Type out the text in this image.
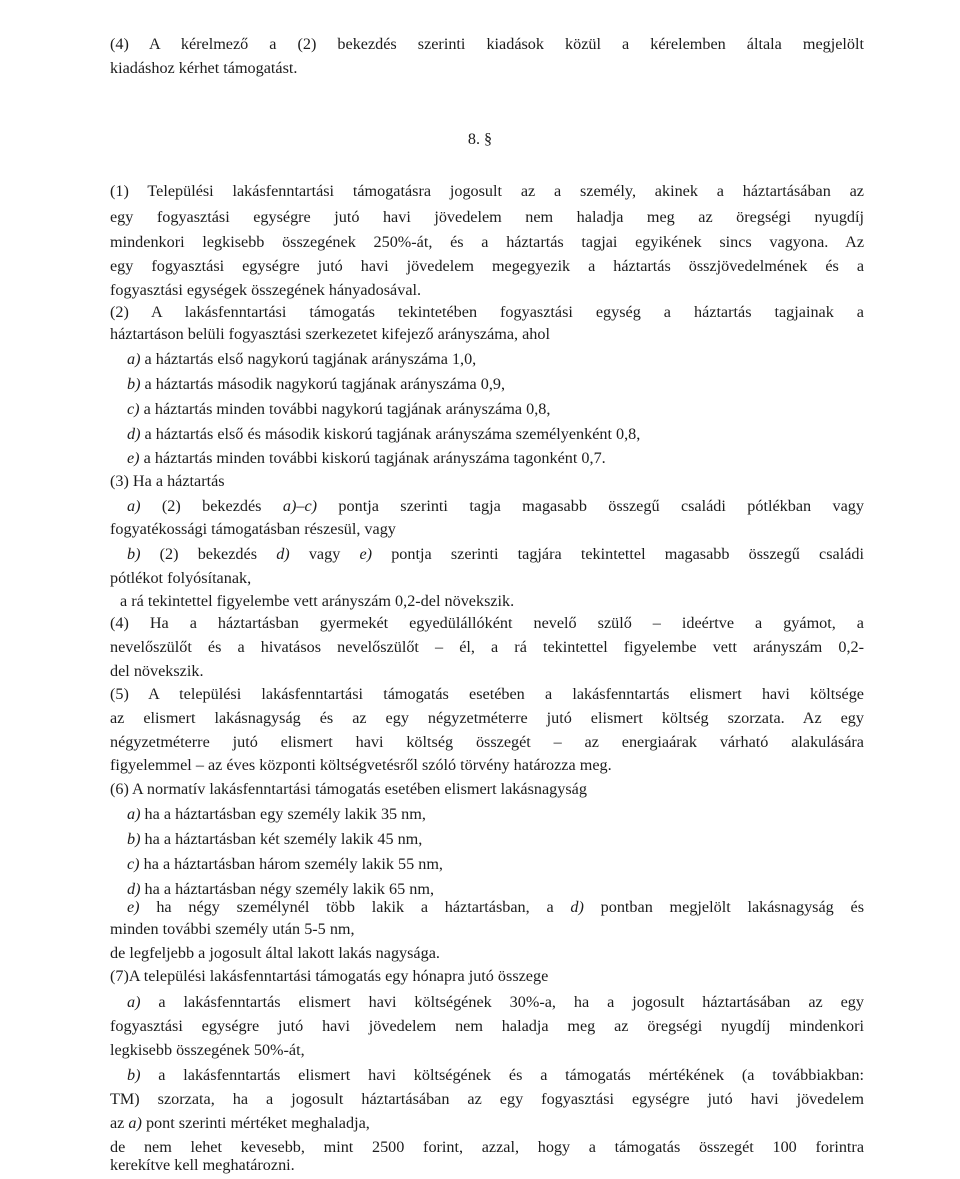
(4) A kérelmező a (2) bekezdés szerinti kiadások közül a kérelemben általa megjelölt
kiadáshoz kérhet támogatást.
8. §
(1) Települési lakásfenntartási támogatásra jogosult az a személy, akinek a háztartásában az
egy fogyasztási egységre jutó havi jövedelem nem haladja meg az öregségi nyugdíj
mindenkori legkisebb összegének 250%-át, és a háztartás tagjai egyikének sincs vagyona. Az
egy fogyasztási egységre jutó havi jövedelem megegyezik a háztartás összjövedelmének és a
fogyasztási egységek összegének hányadosával.
(2) A lakásfenntartási támogatás tekintetében fogyasztási egység a háztartás tagjainak a
háztartáson belüli fogyasztási szerkezetet kifejező arányszáma, ahol
a) a háztartás első nagykorú tagjának arányszáma 1,0,
b) a háztartás második nagykorú tagjának arányszáma 0,9,
c) a háztartás minden további nagykorú tagjának arányszáma 0,8,
d) a háztartás első és második kiskorú tagjának arányszáma személyenként 0,8,
e) a háztartás minden további kiskorú tagjának arányszáma tagonként 0,7.
(3) Ha a háztartás
a) (2) bekezdés a)–c) pontja szerinti tagja magasabb összegű családi pótlékban vagy
fogyatékossági támogatásban részesül, vagy
b) (2) bekezdés d) vagy e) pontja szerinti tagjára tekintettel magasabb összegű családi
pótlékot folyósítanak,
a rá tekintettel figyelembe vett arányszám 0,2-del növekszik.
(4) Ha a háztartásban gyermekét egyedülállóként nevelő szülő – ideértve a gyámot, a
nevelőszülőt és a hivatásos nevelőszülőt – él, a rá tekintettel figyelembe vett arányszám 0,2-
del növekszik.
(5) A települési lakásfenntartási támogatás esetében a lakásfenntartás elismert havi költsége
az elismert lakásnagyság és az egy négyzetméterre jutó elismert költség szorzata. Az egy
négyzetméterre jutó elismert havi költség összegét – az energiaárak várható alakulására
figyelemmel – az éves központi költségvetésről szóló törvény határozza meg.
(6) A normatív lakásfenntartási támogatás esetében elismert lakásnagyság
a) ha a háztartásban egy személy lakik 35 nm,
b) ha a háztartásban két személy lakik 45 nm,
c) ha a háztartásban három személy lakik 55 nm,
d) ha a háztartásban négy személy lakik 65 nm,
e) ha négy személynél több lakik a háztartásban, a d) pontban megjelölt lakásnagyság és
minden további személy után 5-5 nm,
de legfeljebb a jogosult által lakott lakás nagysága.
(7)A települési lakásfenntartási támogatás egy hónapra jutó összege
a) a lakásfenntartás elismert havi költségének 30%-a, ha a jogosult háztartásában az egy
fogyasztási egységre jutó havi jövedelem nem haladja meg az öregségi nyugdíj mindenkori
legkisebb összegének 50%-át,
b) a lakásfenntartás elismert havi költségének és a támogatás mértékének (a továbbiakban:
TM) szorzata, ha a jogosult háztartásában az egy fogyasztási egységre jutó havi jövedelem
az a) pont szerinti mértéket meghaladja,
de nem lehet kevesebb, mint 2500 forint, azzal, hogy a támogatás összegét 100 forintra
kerekítve kell meghatározni.
